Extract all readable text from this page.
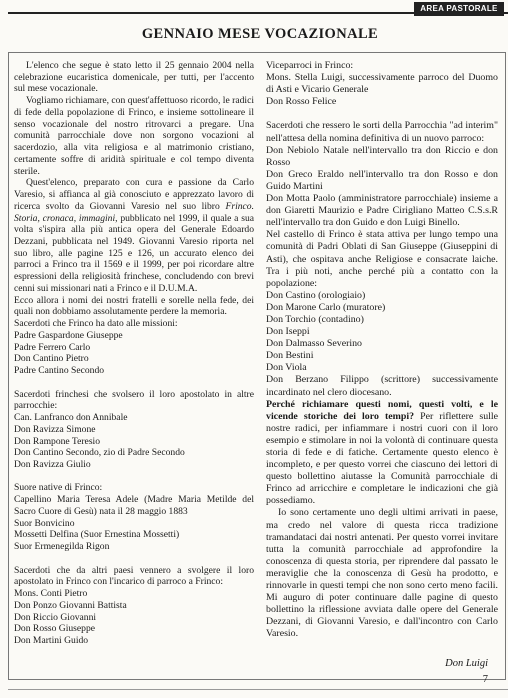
AREA PASTORALE
GENNAIO MESE VOCAZIONALE

L'elenco che segue è stato letto il 25 gennaio 2004 nella celebrazione eucaristica domenicale, per tutti, per l'accento sul mese vocazionale.

Vogliamo richiamare, con quest'affettuoso ricordo, le radici di fede della popolazione di Frinco, e insieme sottolineare il senso vocazionale del nostro ritrovarci a pregare. Una comunità parrocchiale dove non sorgono vocazioni al sacerdozio, alla vita religiosa e al matrimonio cristiano, certamente soffre di aridità spirituale e col tempo diventa sterile.

Quest'elenco, preparato con cura e passione da Carlo Varesio, si affianca al già conosciuto e apprezzato lavoro di ricerca svolto da Giovanni Varesio nel suo libro Frinco. Storia, cronaca, immagini, pubblicato nel 1999, il quale a sua volta s'ispira alla più antica opera del Generale Edoardo Dezzani, pubblicata nel 1949. Giovanni Varesio riporta nel suo libro, alle pagine 125 e 126, un accurato elenco dei parroci a Frinco tra il 1569 e il 1999, per poi ricordare altre espressioni della religiosità frinchese, concludendo con brevi cenni sui missionari nati a Frinco e il D.U.M.A.

Ecco allora i nomi dei nostri fratelli e sorelle nella fede, dei quali non dobbiamo assolutamente perdere la memoria.

Sacerdoti che Frinco ha dato alle missioni:

Padre Gaspardone Giuseppe

Padre Ferrero Carlo

Don Cantino Pietro

Padre Cantino Secondo

Sacerdoti frinchesi che svolsero il loro apostolato in altre parrocchie:

Can. Lanfranco don Annibale

Don Ravizza Simone

Don Rampone Teresio

Don Cantino Secondo, zio di Padre Secondo

Don Ravizza Giulio

Suore native di Frinco:

Capellino Maria Teresa Adele (Madre Maria Metilde del Sacro Cuore di Gesù) nata il 28 maggio 1883

Suor Bonvicino

Mossetti Delfina (Suor Ernestina Mossetti)

Suor Ermenegilda Rigon

Sacerdoti che da altri paesi vennero a svolgere il loro apostolato in Frinco con l'incarico di parroco a Frinco:

Mons. Conti Pietro

Don Ponzo Giovanni Battista

Don Riccio Giovanni

Don Rosso Giuseppe

Don Martini Guido

Viceparroci in Frinco:

Mons. Stella Luigi, successivamente parroco del Duomo di Asti e Vicario Generale

Don Rosso Felice

Sacerdoti che ressero le sorti della Parrocchia "ad interim" nell'attesa della nomina definitiva di un nuovo parroco:

Don Nebiolo Natale nell'intervallo tra don Riccio e don Rosso

Don Greco Eraldo nell'intervallo tra don Rosso e don Guido Martini

Don Motta Paolo (amministratore parrocchiale) insieme a don Giaretti Maurizio e Padre Cirigliano Matteo C.S.s.R nell'intervallo tra don Guido e don Luigi Binello.

Nel castello di Frinco è stata attiva per lungo tempo una comunità di Padri Oblati di San Giuseppe (Giuseppini di Asti), che ospitava anche Religiose e consacrate laiche. Tra i più noti, anche perché più a contatto con la popolazione:

Don Castino (orologiaio)

Don Marone Carlo (muratore)

Don Torchio (contadino)

Don Iseppi

Don Dalmasso Severino

Don Bestini

Don Viola

Don Berzano Filippo (scrittore) successivamente incardinato nel clero diocesano.

Perché richiamare questi nomi, questi volti, e le vicende storiche dei loro tempi? Per riflettere sulle nostre radici, per infiammare i nostri cuori con il loro esempio e stimolare in noi la volontà di continuare questa storia di fede e di fatiche. Certamente questo elenco è incompleto, e per questo vorrei che ciascuno dei lettori di questo bollettino aiutasse la Comunità parrocchiale di Frinco ad arricchire e completare le indicazioni che già possediamo.

Io sono certamente uno degli ultimi arrivati in paese, ma credo nel valore di questa ricca tradizione tramandataci dai nostri antenati. Per questo vorrei invitare tutta la comunità parrocchiale ad approfondire la conoscenza di questa storia, per riprendere dal passato le meraviglie che la conoscenza di Gesù ha prodotto, e rinnovarle in questi tempi che non sono certo meno facili. Mi auguro di poter continuare dalle pagine di questo bollettino la riflessione avviata dalle opere del Generale Dezzani, di Giovanni Varesio, e dall'incontro con Carlo Varesio.

Don Luigi
7
